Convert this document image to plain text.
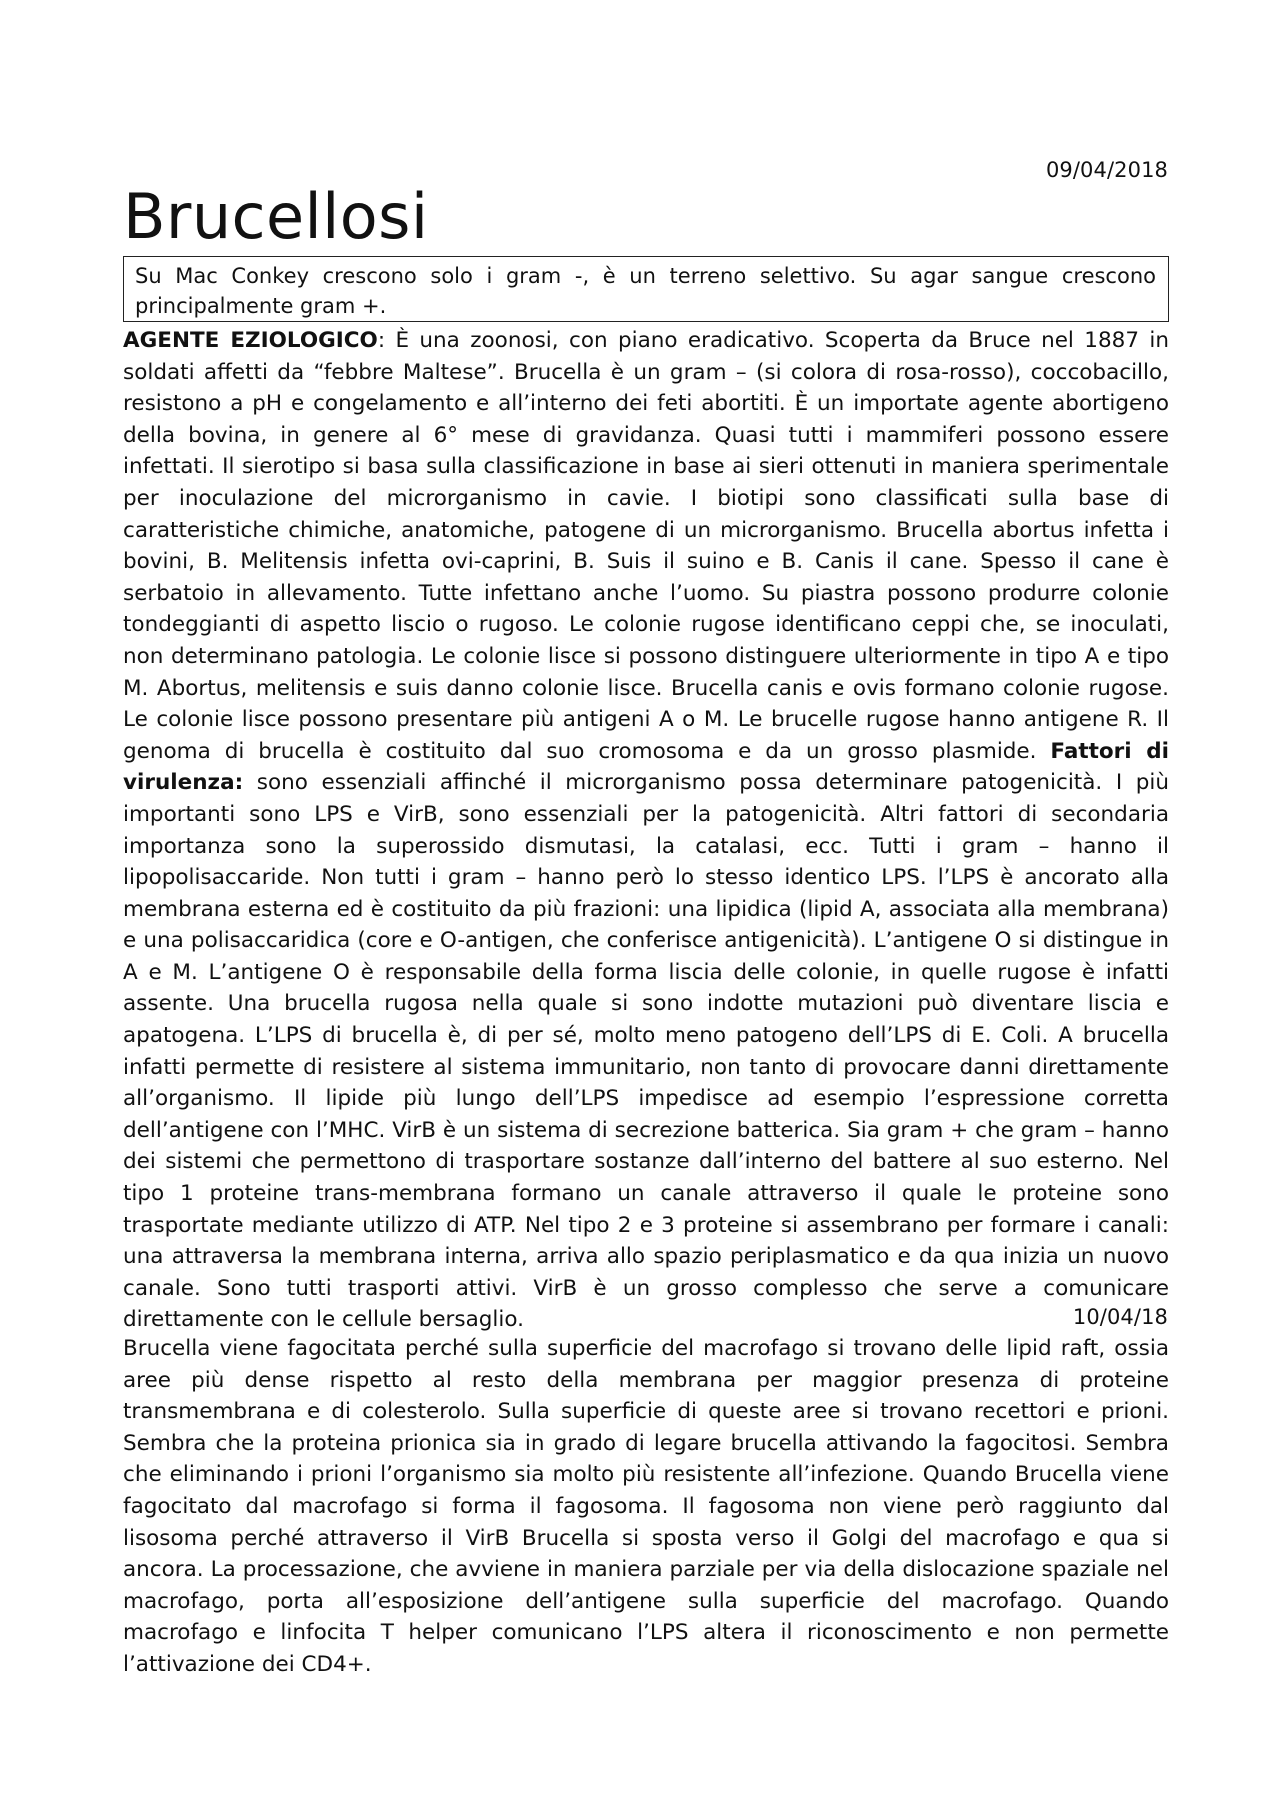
09/04/2018
Brucellosi
Su Mac Conkey crescono solo i gram -, è un terreno selettivo. Su agar sangue crescono principalmente gram +.

AGENTE EZIOLOGICO: È una zoonosi, con piano eradicativo. Scoperta da Bruce nel 1887 in soldati affetti da “febbre Maltese”. Brucella è un gram – (si colora di rosa-rosso), coccobacillo, resistono a pH e congelamento e all’interno dei feti abortiti. È un importate agente abortigeno della bovina, in genere al 6° mese di gravidanza. Quasi tutti i mammiferi possono essere infettati. Il sierotipo si basa sulla classificazione in base ai sieri ottenuti in maniera sperimentale per inoculazione del microrganismo in cavie. I biotipi sono classificati sulla base di caratteristiche chimiche, anatomiche, patogene di un microrganismo. Brucella abortus infetta i bovini, B. Melitensis infetta ovi-caprini, B. Suis il suino e B. Canis il cane. Spesso il cane è serbatoio in allevamento. Tutte infettano anche l’uomo. Su piastra possono produrre colonie tondeggianti di aspetto liscio o rugoso. Le colonie rugose identificano ceppi che, se inoculati, non determinano patologia. Le colonie lisce si possono distinguere ulteriormente in tipo A e tipo M. Abortus, melitensis e suis danno colonie lisce. Brucella canis e ovis formano colonie rugose. Le colonie lisce possono presentare più antigeni A o M. Le brucelle rugose hanno antigene R. Il genoma di brucella è costituito dal suo cromosoma e da un grosso plasmide. Fattori di virulenza: sono essenziali affinché il microrganismo possa determinare patogenicità. I più importanti sono LPS e VirB, sono essenziali per la patogenicità. Altri fattori di secondaria importanza sono la superossido dismutasi, la catalasi, ecc. Tutti i gram – hanno il lipopolisaccaride. Non tutti i gram – hanno però lo stesso identico LPS. l’LPS è ancorato alla membrana esterna ed è costituito da più frazioni: una lipidica (lipid A, associata alla membrana) e una polisaccaridica (core e O-antigen, che conferisce antigenicità). L’antigene O si distingue in A e M. L’antigene O è responsabile della forma liscia delle colonie, in quelle rugose è infatti assente. Una brucella rugosa nella quale si sono indotte mutazioni può diventare liscia e apatogena. L’LPS di brucella è, di per sé, molto meno patogeno dell’LPS di E. Coli. A brucella infatti permette di resistere al sistema immunitario, non tanto di provocare danni direttamente all’organismo. Il lipide più lungo dell’LPS impedisce ad esempio l’espressione corretta dell’antigene con l’MHC. VirB è un sistema di secrezione batterica. Sia gram + che gram – hanno dei sistemi che permettono di trasportare sostanze dall’interno del battere al suo esterno. Nel tipo 1 proteine trans-membrana formano un canale attraverso il quale le proteine sono trasportate mediante utilizzo di ATP. Nel tipo 2 e 3 proteine si assembrano per formare i canali: una attraversa la membrana interna, arriva allo spazio periplasmatico e da qua inizia un nuovo canale. Sono tutti trasporti attivi. VirB è un grosso complesso che serve a comunicare direttamente con le cellule bersaglio.	10/04/18

Brucella viene fagocitata perché sulla superficie del macrofago si trovano delle lipid raft, ossia aree più dense rispetto al resto della membrana per maggior presenza di proteine transmembrana e di colesterolo. Sulla superficie di queste aree si trovano recettori e prioni. Sembra che la proteina prionica sia in grado di legare brucella attivando la fagocitosi. Sembra che eliminando i prioni l’organismo sia molto più resistente all’infezione. Quando Brucella viene fagocitato dal macrofago si forma il fagosoma. Il fagosoma non viene però raggiunto dal lisosoma perché attraverso il VirB Brucella si sposta verso il Golgi del macrofago e qua si ancora. La processazione, che avviene in maniera parziale per via della dislocazione spaziale nel macrofago, porta all’esposizione dell’antigene sulla superficie del macrofago. Quando macrofago e linfocita T helper comunicano l’LPS altera il riconoscimento e non permette l’attivazione dei CD4+.
